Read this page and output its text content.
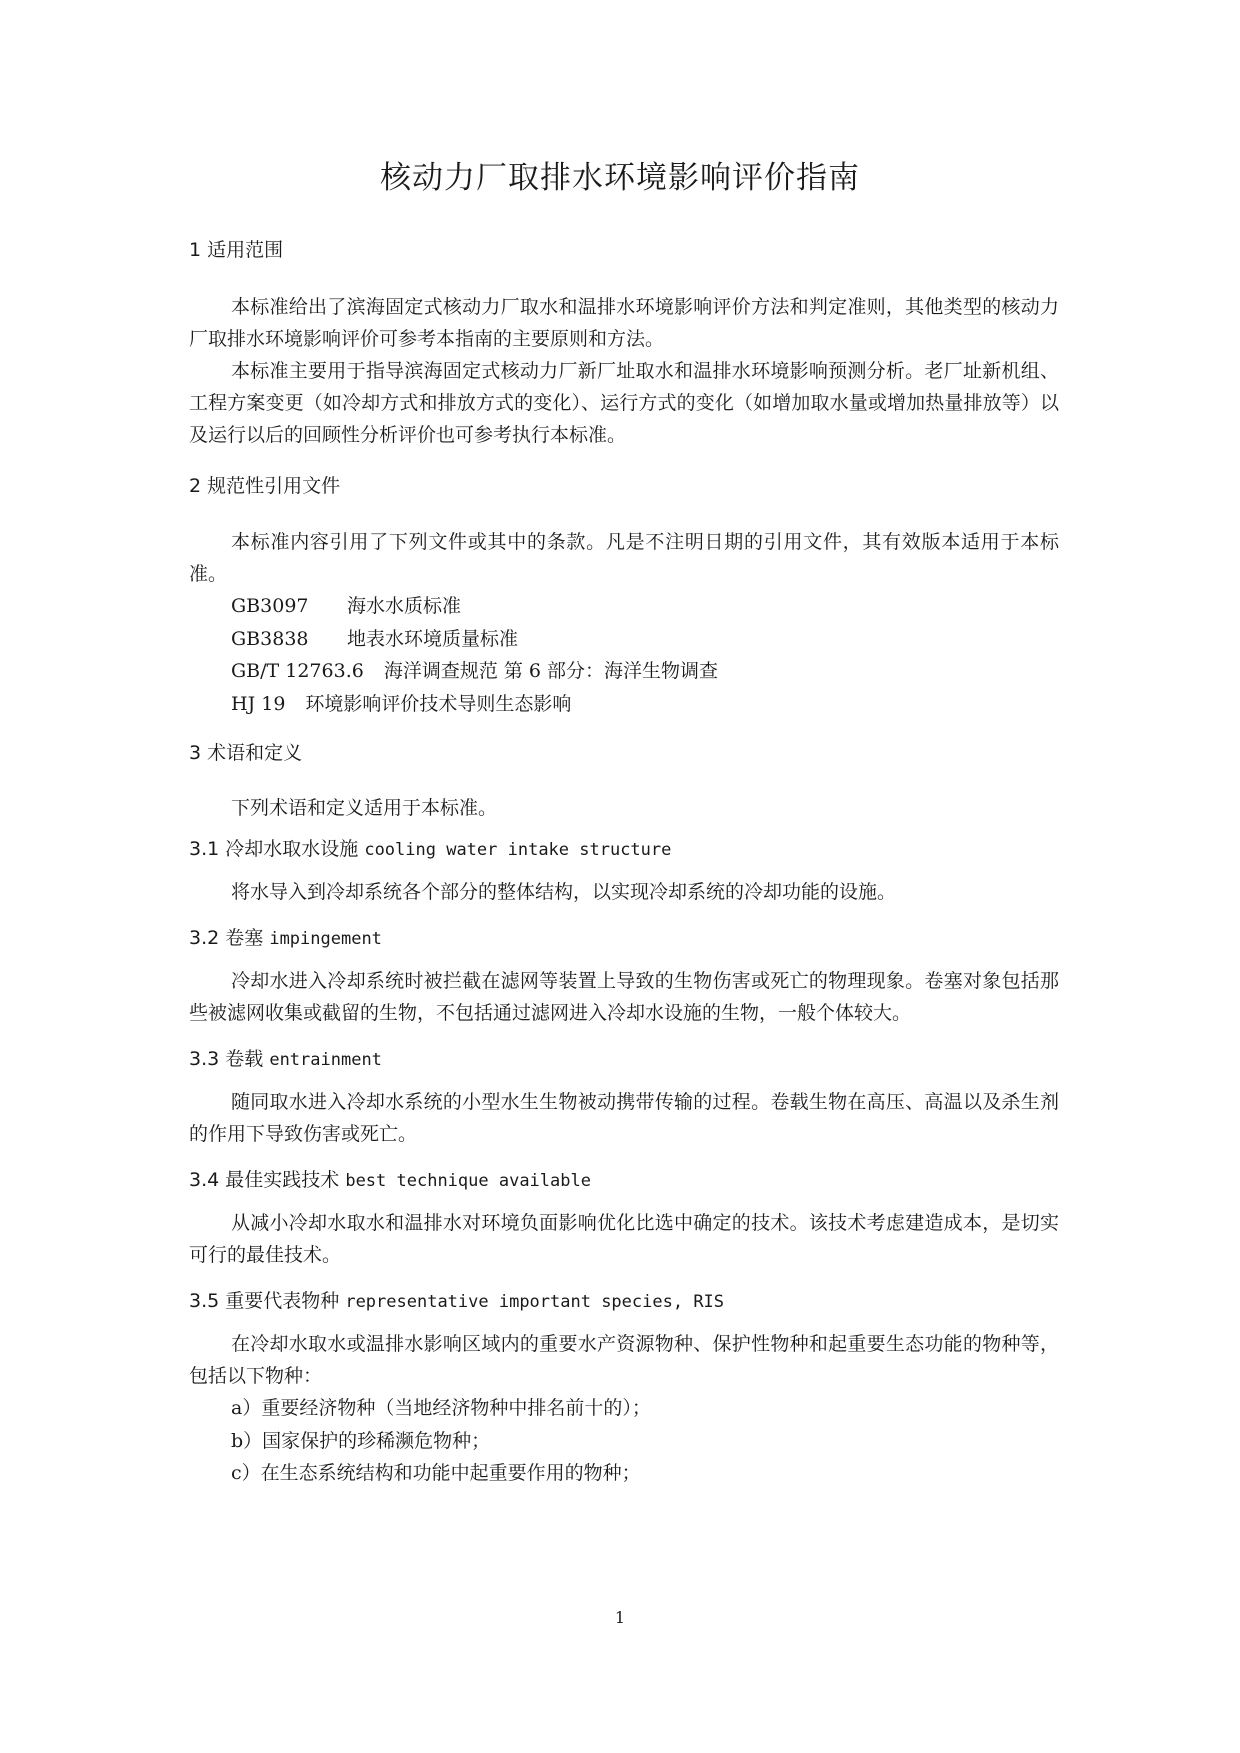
核动力厂取排水环境影响评价指南
1 适用范围

本标准给出了滨海固定式核动力厂取水和温排水环境影响评价方法和判定准则，其他类型的核动力厂取排水环境影响评价可参考本指南的主要原则和方法。

本标准主要用于指导滨海固定式核动力厂新厂址取水和温排水环境影响预测分析。老厂址新机组、工程方案变更（如冷却方式和排放方式的变化）、运行方式的变化（如增加取水量或增加热量排放等）以及运行以后的回顾性分析评价也可参考执行本标准。

2 规范性引用文件

本标准内容引用了下列文件或其中的条款。凡是不注明日期的引用文件，其有效版本适用于本标准。

GB3097 海水水质标准

GB3838 地表水环境质量标准

GB/T 12763.6 海洋调查规范 第 6 部分：海洋生物调查

HJ 19 环境影响评价技术导则生态影响

3 术语和定义

下列术语和定义适用于本标准。

3.1 冷却水取水设施 cooling water intake structure

将水导入到冷却系统各个部分的整体结构，以实现冷却系统的冷却功能的设施。

3.2 卷塞 impingement

冷却水进入冷却系统时被拦截在滤网等装置上导致的生物伤害或死亡的物理现象。卷塞对象包括那些被滤网收集或截留的生物，不包括通过滤网进入冷却水设施的生物，一般个体较大。

3.3 卷载 entrainment

随同取水进入冷却水系统的小型水生生物被动携带传输的过程。卷载生物在高压、高温以及杀生剂的作用下导致伤害或死亡。

3.4 最佳实践技术 best technique available

从减小冷却水取水和温排水对环境负面影响优化比选中确定的技术。该技术考虑建造成本，是切实可行的最佳技术。

3.5 重要代表物种 representative important species, RIS

在冷却水取水或温排水影响区域内的重要水产资源物种、保护性物种和起重要生态功能的物种等，包括以下物种：

a）重要经济物种（当地经济物种中排名前十的）；

b）国家保护的珍稀濒危物种；

c）在生态系统结构和功能中起重要作用的物种；

1
